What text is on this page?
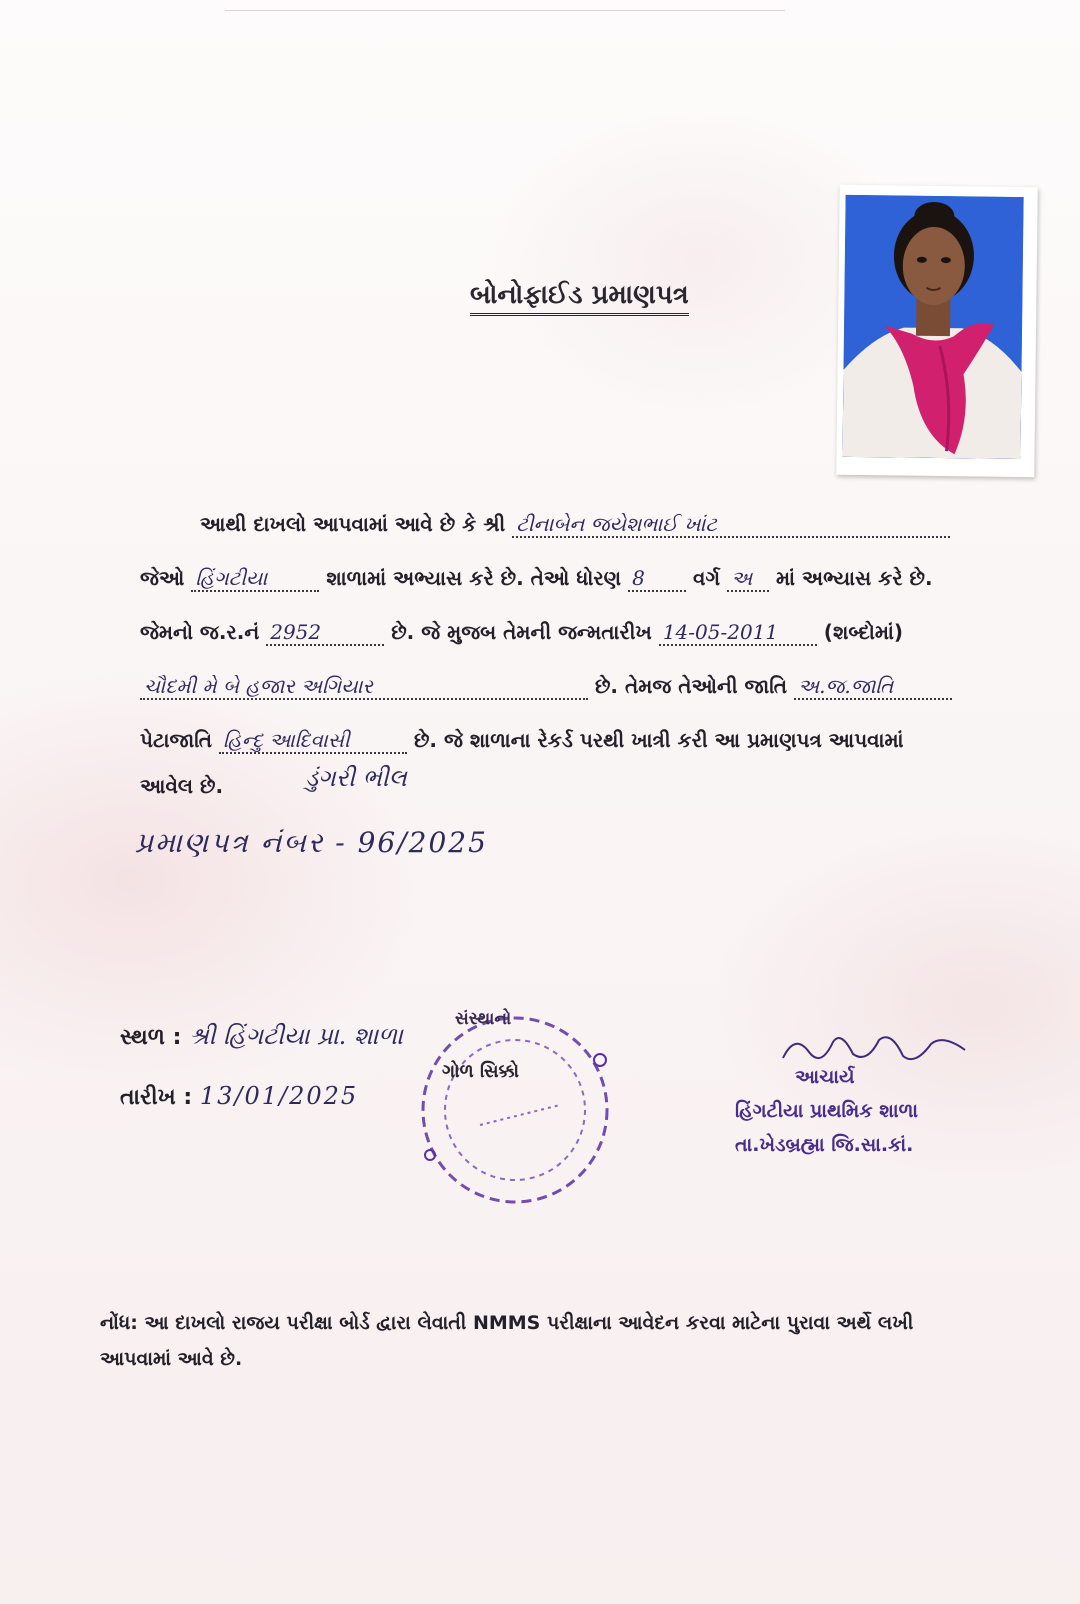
બોનોફાઈડ પ્રમાણપત્ર
આથી દાખલો આપવામાં આવે છે કે શ્રી ટીનાબેન જયેશભાઈ ખાંટ
જેઓ હિંગટીયા	શાળામાં અભ્યાસ કરે છે. તેઓ ધોરણ 8 વર્ગ અ માં અભ્યાસ કરે છે.
જેમનો જ.ર.નં 2952	છે. જે મુજબ તેમની જન્મતારીખ 14-05-2011 (શબ્દોમાં)
ચૌદમી મે બે હજાર અગિયાર	છે. તેમજ તેઓની જાતિ અ.જ.જાતિ
પેટાજાતિ હિન્દુ આદિવાસી	છે. જે શાળાના રેકર્ડ પરથી ખાત્રી કરી આ પ્રમાણપત્ર આપવામાં
આવેલ છે.	ડુંગરી ભીલ
પ્રમાણપત્ર નંબર - 96/2025
સ્થળ : શ્રી હિંગટીયા પ્રા. શાળા
તારીખ : 13/01/2025
સંસ્થાનો
ગોળ સિક્કો	આચાર્ય
હિંગટીયા પ્રાથમિક શાળા
તા.ખેડબ્રહ્મા જિ.સા.કાં.
નોંધ: આ દાખલો રાજય પરીક્ષા બોર્ડ દ્વારા લેવાતી NMMS પરીક્ષાના આવેદન કરવા માટેના પુરાવા અર્થે લખી આપવામાં આવે છે.
